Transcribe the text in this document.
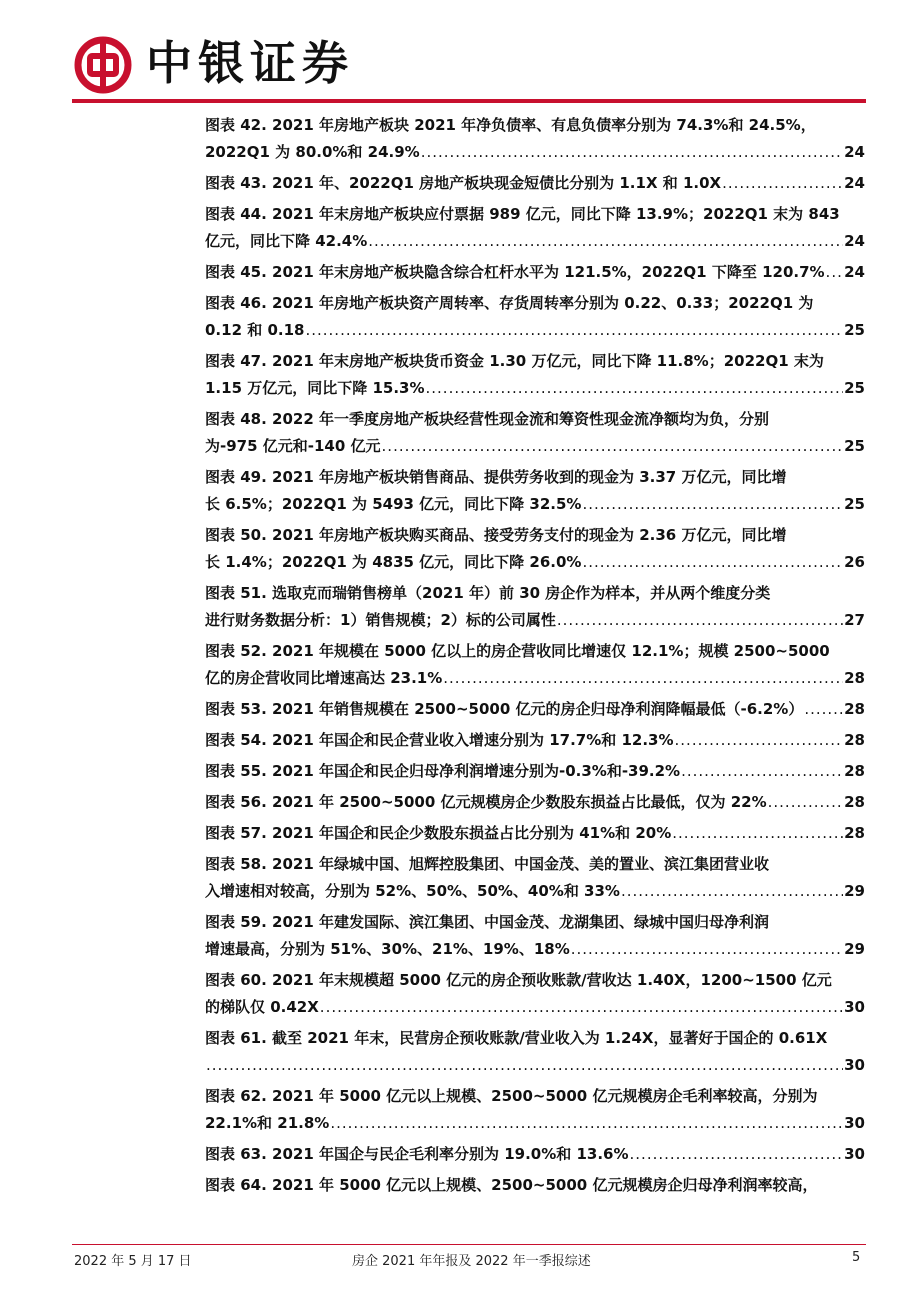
中银证券
图表 42. 2021 年房地产板块 2021 年净负债率、有息负债率分别为 74.3%和 24.5%，
2022Q1 为 80.0%和 24.9% .....	24
图表 43. 2021 年、2022Q1 房地产板块现金短债比分别为 1.1X 和 1.0X .....	24
图表 44. 2021 年末房地产板块应付票据 989 亿元，同比下降 13.9%；2022Q1 末为 843
亿元，同比下降 42.4% .....	24
图表 45. 2021 年末房地产板块隐含综合杠杆水平为 121.5%，2022Q1 下降至 120.7% ..... 24
图表 46. 2021 年房地产板块资产周转率、存货周转率分别为 0.22、0.33；2022Q1 为
0.12 和 0.18 .....	25
图表 47. 2021 年末房地产板块货币资金 1.30 万亿元，同比下降 11.8%；2022Q1 末为
1.15 万亿元，同比下降 15.3% .....	25
图表 48. 2022 年一季度房地产板块经营性现金流和筹资性现金流净额均为负，分别
为-975 亿元和-140 亿元 .....	25
图表 49. 2021 年房地产板块销售商品、提供劳务收到的现金为 3.37 万亿元，同比增
长 6.5%；2022Q1 为 5493 亿元，同比下降 32.5% .....	25
图表 50. 2021 年房地产板块购买商品、接受劳务支付的现金为 2.36 万亿元，同比增
长 1.4%；2022Q1 为 4835 亿元，同比下降 26.0% .....	26
图表 51. 选取克而瑞销售榜单（2021 年）前 30 房企作为样本，并从两个维度分类
进行财务数据分析：1）销售规模；2）标的公司属性 .....	27
图表 52. 2021 年规模在 5000 亿以上的房企营收同比增速仅 12.1%；规模 2500~5000
亿的房企营收同比增速高达 23.1% .....	28
图表 53. 2021 年销售规模在 2500~5000 亿元的房企归母净利润降幅最低（-6.2%） .....	28
图表 54. 2021 年国企和民企营业收入增速分别为 17.7%和 12.3% .....	28
图表 55. 2021 年国企和民企归母净利润增速分别为-0.3%和-39.2% .....	28
图表 56. 2021 年 2500~5000 亿元规模房企少数股东损益占比最低，仅为 22% .....	28
图表 57. 2021 年国企和民企少数股东损益占比分别为 41%和 20% .....	28
图表 58. 2021 年绿城中国、旭辉控股集团、中国金茂、美的置业、滨江集团营业收
入增速相对较高，分别为 52%、50%、50%、40%和 33% .....	29
图表 59. 2021 年建发国际、滨江集团、中国金茂、龙湖集团、绿城中国归母净利润
增速最高，分别为 51%、30%、21%、19%、18% .....	29
图表 60. 2021 年末规模超 5000 亿元的房企预收账款/营收达 1.40X，1200~1500 亿元
的梯队仅 0.42X .....	30
图表 61. 截至 2021 年末，民营房企预收账款/营业收入为 1.24X，显著好于国企的 0.61X
.....
30
图表 62. 2021 年 5000 亿元以上规模、2500~5000 亿元规模房企毛利率较高，分别为
22.1%和 21.8% .....	30
图表 63. 2021 年国企与民企毛利率分别为 19.0%和 13.6% .....	30
图表 64. 2021 年 5000 亿元以上规模、2500~5000 亿元规模房企归母净利润率较高，
2022 年 5 月 17 日	房企 2021 年年报及 2022 年一季报综述	5
